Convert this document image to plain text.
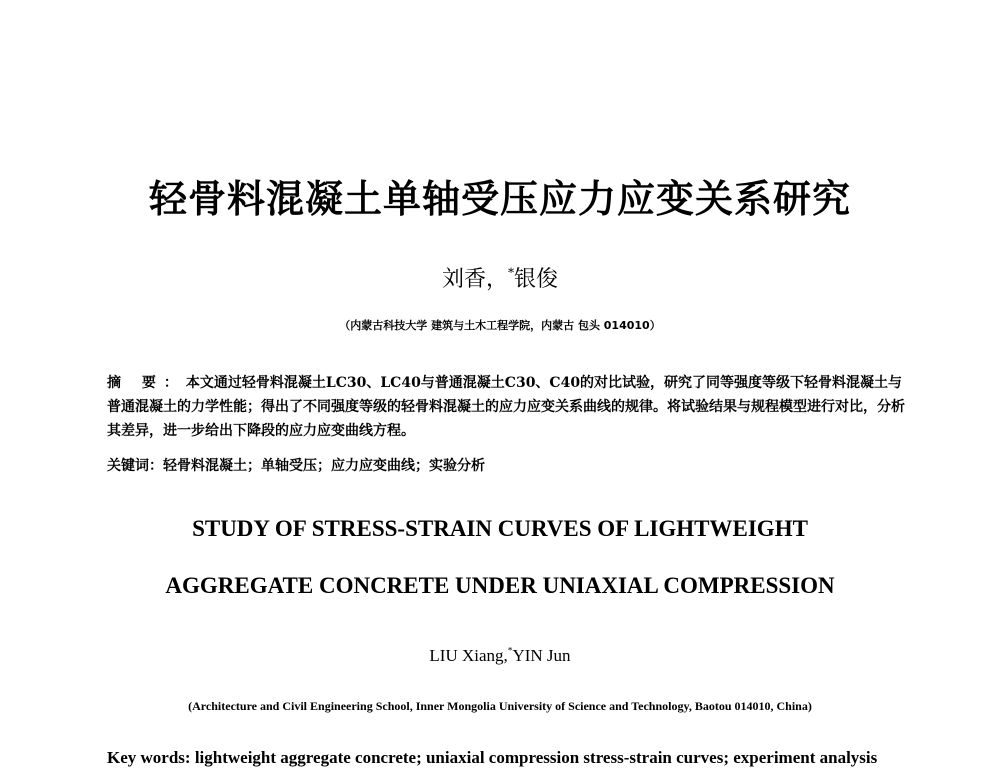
轻骨料混凝土单轴受压应力应变关系研究
刘香，*银俊
（内蒙古科技大学 建筑与土木工程学院，内蒙古 包头 014010）
摘 要：本文通过轻骨料混凝土LC30、LC40与普通混凝土C30、C40的对比试验，研究了同等强度等级下轻骨料混凝土与普通混凝土的力学性能；得出了不同强度等级的轻骨料混凝土的应力应变关系曲线的规律。将试验结果与规程模型进行对比，分析其差异，进一步给出下降段的应力应变曲线方程。
关键词：轻骨料混凝土；单轴受压；应力应变曲线；实验分析
STUDY OF STRESS-STRAIN CURVES OF LIGHTWEIGHT
AGGREGATE CONCRETE UNDER UNIAXIAL COMPRESSION
LIU Xiang,*YIN Jun
(Architecture and Civil Engineering School, Inner Mongolia University of Science and Technology, Baotou 014010, China)
Key words: lightweight aggregate concrete; uniaxial compression stress-strain curves; experiment analysis
